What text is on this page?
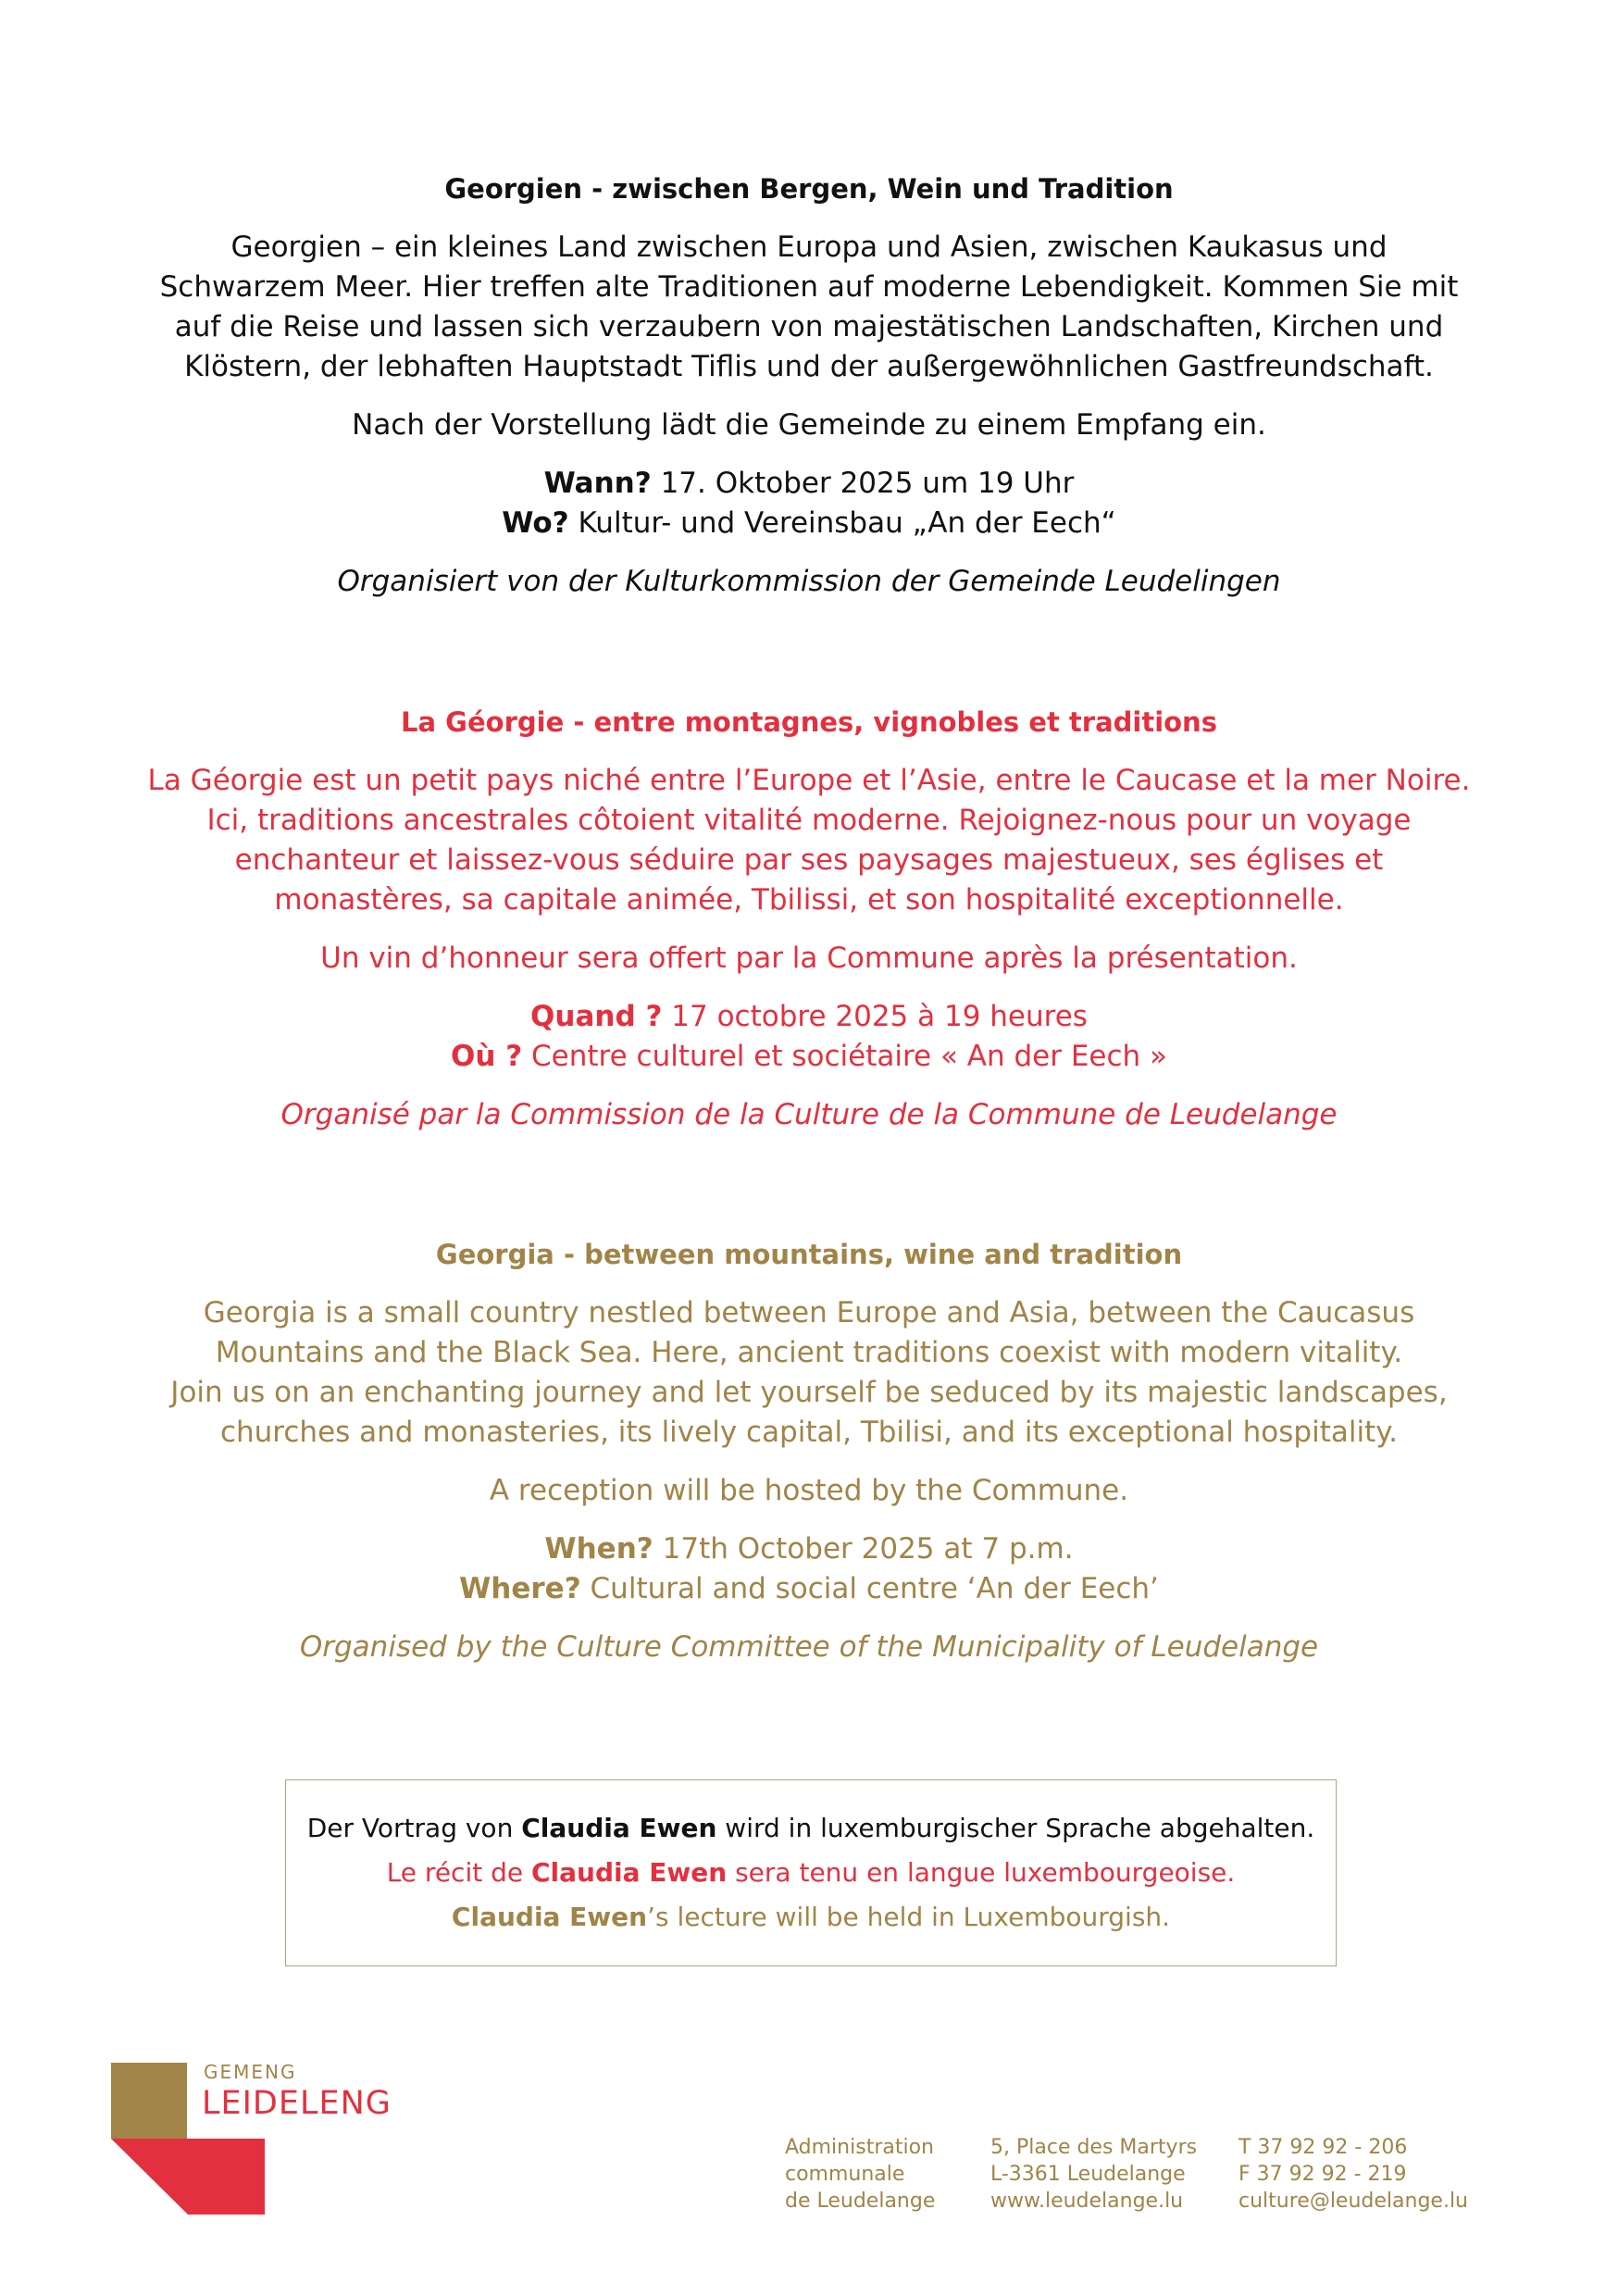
Georgien - zwischen Bergen, Wein und Tradition

Georgien – ein kleines Land zwischen Europa und Asien, zwischen Kaukasus und
Schwarzem Meer. Hier treffen alte Traditionen auf moderne Lebendigkeit. Kommen Sie mit
auf die Reise und lassen sich verzaubern von majestätischen Landschaften, Kirchen und
Klöstern, der lebhaften Hauptstadt Tiflis und der außergewöhnlichen Gastfreundschaft.

Nach der Vorstellung lädt die Gemeinde zu einem Empfang ein.

Wann? 17. Oktober 2025 um 19 Uhr
Wo? Kultur- und Vereinsbau „An der Eech“

Organisiert von der Kulturkommission der Gemeinde Leudelingen

La Géorgie - entre montagnes, vignobles et traditions

La Géorgie est un petit pays niché entre l’Europe et l’Asie, entre le Caucase et la mer Noire.
Ici, traditions ancestrales côtoient vitalité moderne. Rejoignez-nous pour un voyage
enchanteur et laissez-vous séduire par ses paysages majestueux, ses églises et
monastères, sa capitale animée, Tbilissi, et son hospitalité exceptionnelle.

Un vin d’honneur sera offert par la Commune après la présentation.

Quand ? 17 octobre 2025 à 19 heures
Où ? Centre culturel et sociétaire « An der Eech »

Organisé par la Commission de la Culture de la Commune de Leudelange

Georgia - between mountains, wine and tradition

Georgia is a small country nestled between Europe and Asia, between the Caucasus
Mountains and the Black Sea. Here, ancient traditions coexist with modern vitality.
Join us on an enchanting journey and let yourself be seduced by its majestic landscapes,
churches and monasteries, its lively capital, Tbilisi, and its exceptional hospitality.

A reception will be hosted by the Commune.

When? 17th October 2025 at 7 p.m.
Where? Cultural and social centre ‘An der Eech’

Organised by the Culture Committee of the Municipality of Leudelange

Der Vortrag von Claudia Ewen wird in luxemburgischer Sprache abgehalten.

Le récit de Claudia Ewen sera tenu en langue luxembourgeoise.

Claudia Ewen’s lecture will be held in Luxembourgish.

GEMENG
LEIDELENG
Administration
communale
de Leudelange
5, Place des Martyrs
L-3361 Leudelange
www.leudelange.lu
T 37 92 92 - 206
F 37 92 92 - 219
culture@leudelange.lu
